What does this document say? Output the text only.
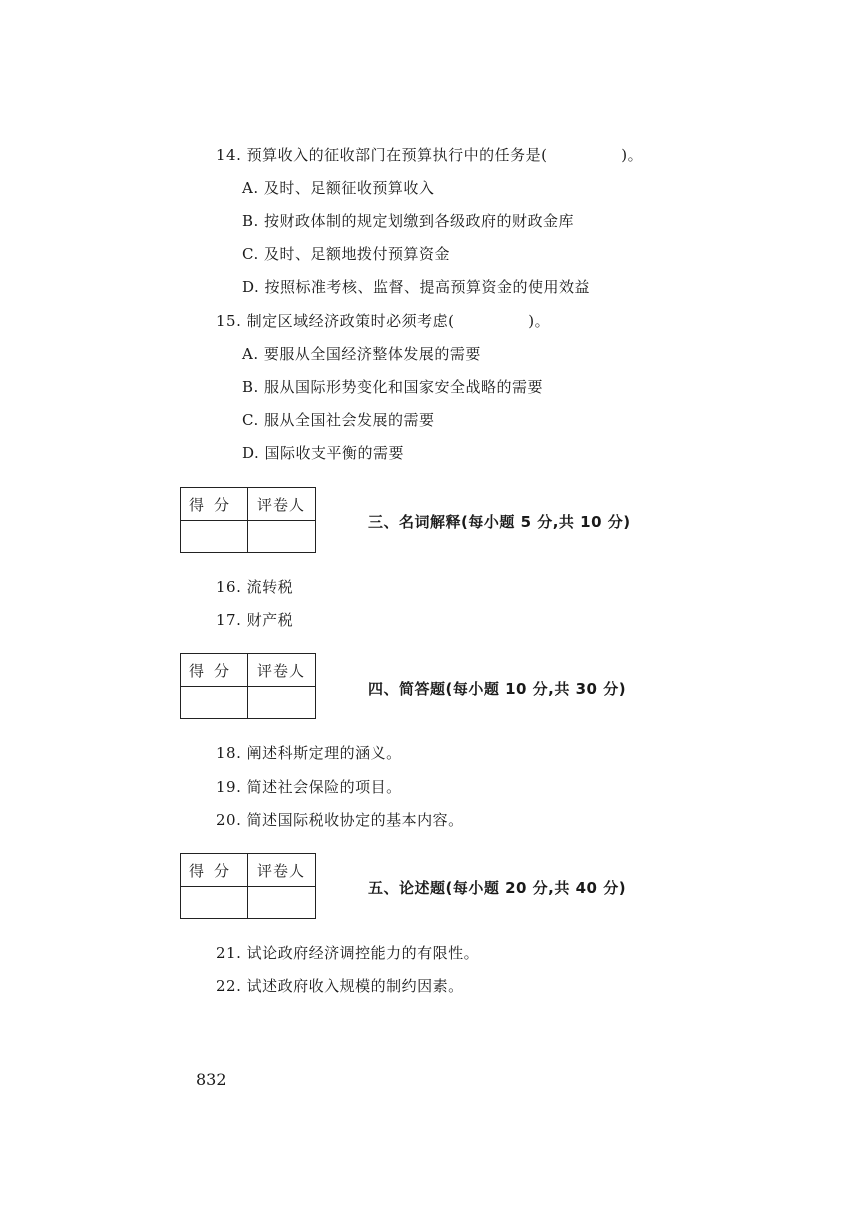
14. 预算收入的征收部门在预算执行中的任务是(              )。
A. 及时、足额征收预算收入
B. 按财政体制的规定划缴到各级政府的财政金库
C. 及时、足额地拨付预算资金
D. 按照标准考核、监督、提高预算资金的使用效益
15. 制定区域经济政策时必须考虑(              )。
A. 要服从全国经济整体发展的需要
B. 服从国际形势变化和国家安全战略的需要
C. 服从全国社会发展的需要
D. 国际收支平衡的需要
得分 评卷人
三、名词解释(每小题 5 分,共 10 分)
16. 流转税
17. 财产税
得分 评卷人
四、简答题(每小题 10 分,共 30 分)
18. 阐述科斯定理的涵义。
19. 简述社会保险的项目。
20. 简述国际税收协定的基本内容。
得分 评卷人
五、论述题(每小题 20 分,共 40 分)
21. 试论政府经济调控能力的有限性。
22. 试述政府收入规模的制约因素。
832
